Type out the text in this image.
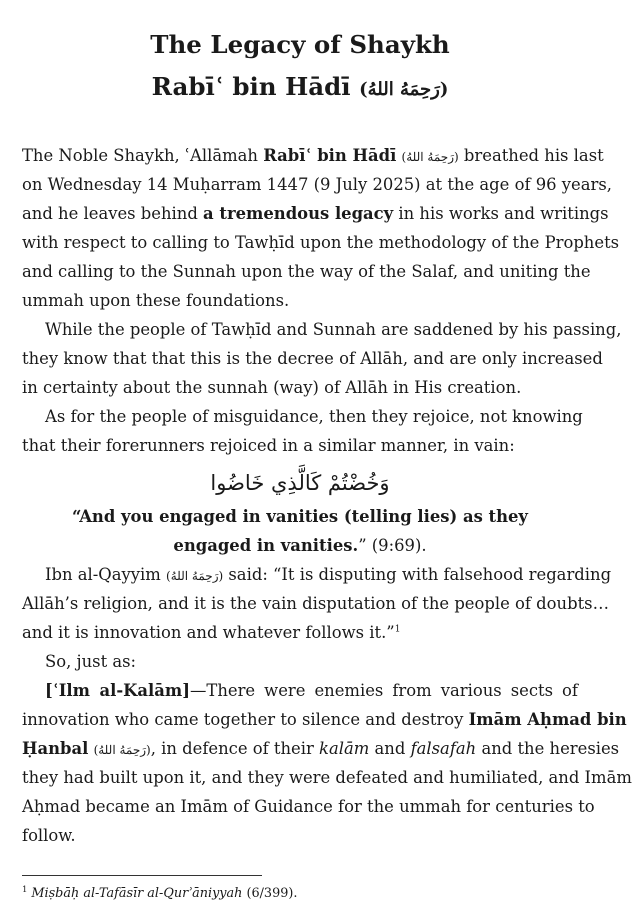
The Legacy of Shaykh
Rabīʿ bin Hādī (رَحِمَهُ اللهُ)
The Noble Shaykh, ʿAllāmah Rabīʿ bin Hādī (رَحِمَهُ اللهُ) breathed his last
on Wednesday 14 Muḥarram 1447 (9 July 2025) at the age of 96 years,
and he leaves behind a tremendous legacy in his works and writings
with respect to calling to Tawḥīd upon the methodology of the Prophets
and calling to the Sunnah upon the way of the Salaf, and uniting the
ummah upon these foundations.
While the people of Tawḥīd and Sunnah are saddened by his passing,
they know that that this is the decree of Allāh, and are only increased
in certainty about the sunnah (way) of Allāh in His creation.
As for the people of misguidance, then they rejoice, not knowing
that their forerunners rejoiced in a similar manner, in vain:
وَخُضْتُمْ كَالَّذِي خَاضُوا
“And you engaged in vanities (telling lies) as they
engaged in vanities.” (9:69).
Ibn al-Qayyim (رَحِمَهُ اللهُ) said: “It is disputing with falsehood regarding
Allāh’s religion, and it is the vain disputation of the people of doubts…
and it is innovation and whatever follows it.”$^1$
So, just as:
[ʿIlm al-Kalām]—There were enemies from various sects of
innovation who came together to silence and destroy Imām Aḥmad bin
Ḥanbal (رَحِمَهُ اللهُ), in defence of their kalām and falsafah and the heresies
they had built upon it, and they were defeated and humiliated, and Imām
Aḥmad became an Imām of Guidance for the ummah for centuries to
follow.
$^1$ Miṣbāḥ al-Tafāsīr al-Qurʾāniyyah (6/399).
